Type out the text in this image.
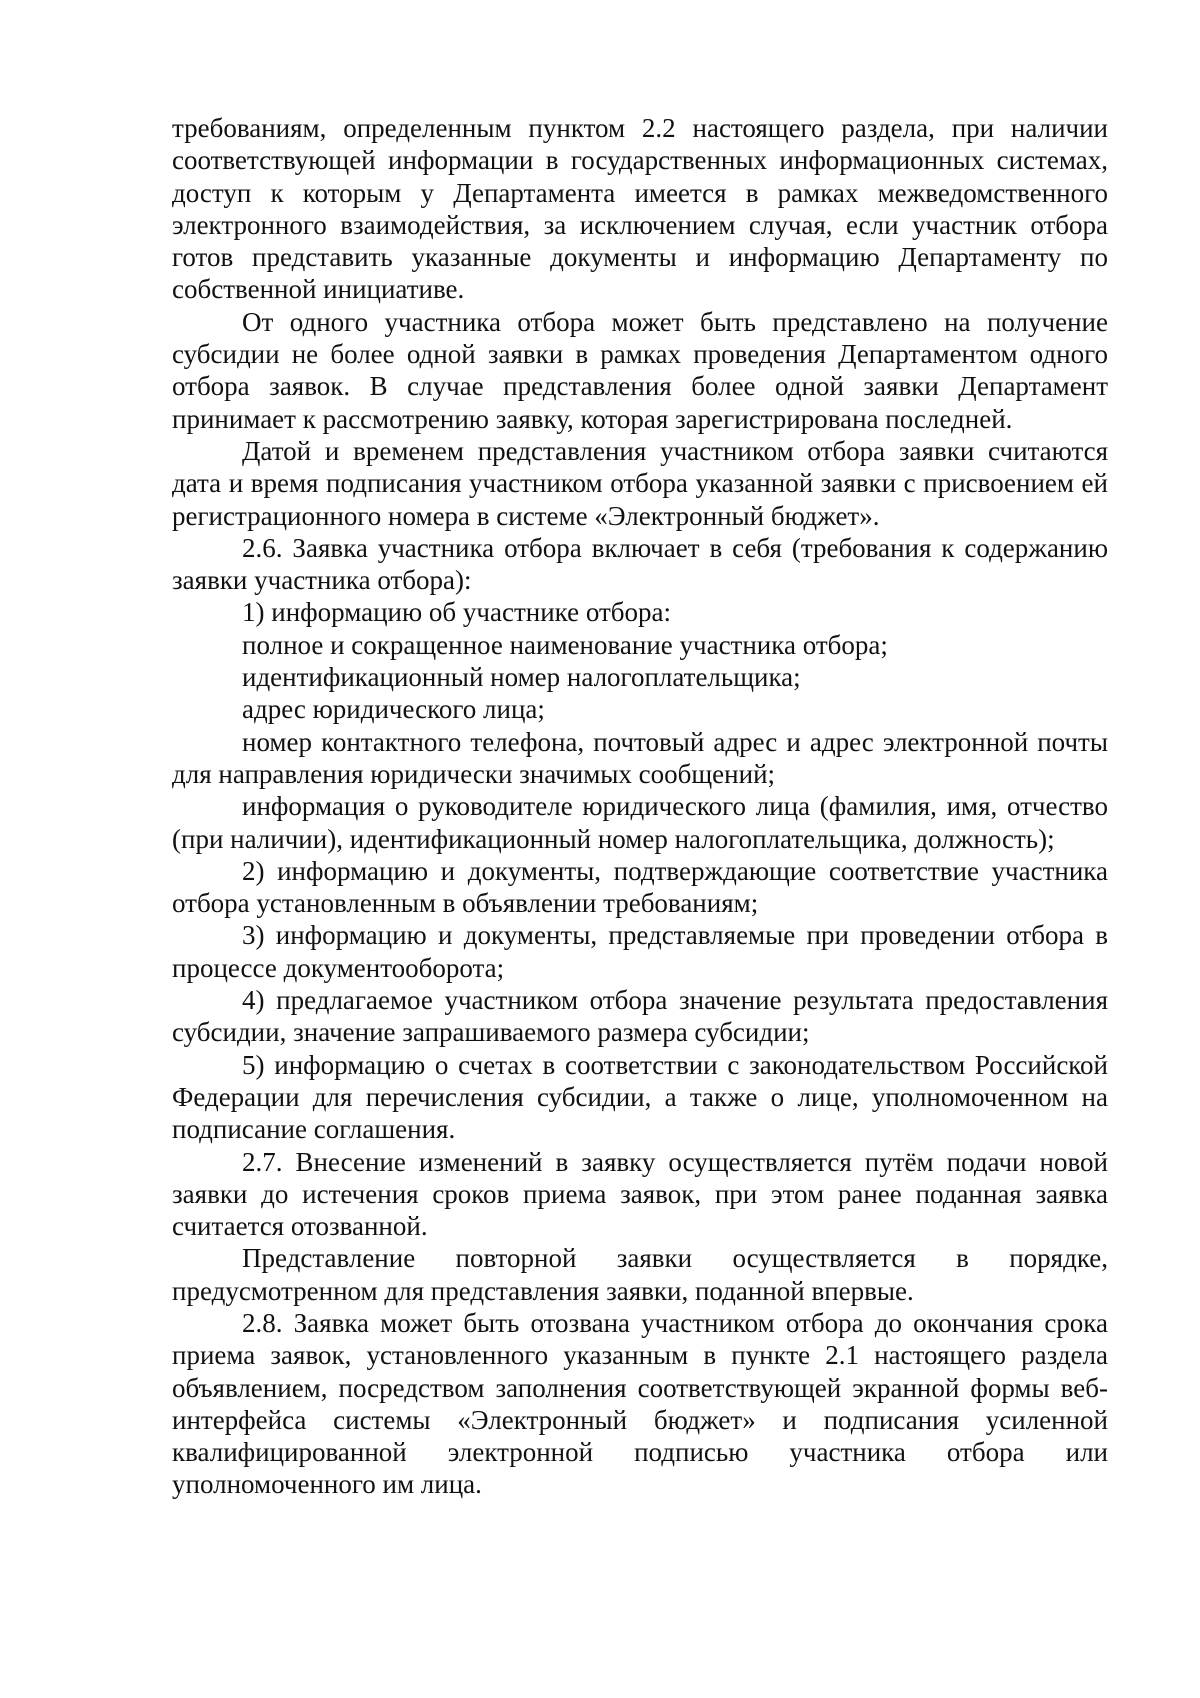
требованиям, определенным пунктом 2.2 настоящего раздела, при наличии соответствующей информации в государственных информационных системах, доступ к которым у Департамента имеется в рамках межведомственного электронного взаимодействия, за исключением случая, если участник отбора готов представить указанные документы и информацию Департаменту по собственной инициативе.

От одного участника отбора может быть представлено на получение субсидии не более одной заявки в рамках проведения Департаментом одного отбора заявок. В случае представления более одной заявки Департамент принимает к рассмотрению заявку, которая зарегистрирована последней.

Датой и временем представления участником отбора заявки считаются дата и время подписания участником отбора указанной заявки с присвоением ей регистрационного номера в системе «Электронный бюджет».

2.6. Заявка участника отбора включает в себя (требования к содержанию заявки участника отбора):

1) информацию об участнике отбора:

полное и сокращенное наименование участника отбора;

идентификационный номер налогоплательщика;

адрес юридического лица;

номер контактного телефона, почтовый адрес и адрес электронной почты для направления юридически значимых сообщений;

информация о руководителе юридического лица (фамилия, имя, отчество (при наличии), идентификационный номер налогоплательщика, должность);

2) информацию и документы, подтверждающие соответствие участника отбора установленным в объявлении требованиям;

3) информацию и документы, представляемые при проведении отбора в процессе документооборота;

4) предлагаемое участником отбора значение результата предоставления субсидии, значение запрашиваемого размера субсидии;

5) информацию о счетах в соответствии с законодательством Российской Федерации для перечисления субсидии, а также о лице, уполномоченном на подписание соглашения.

2.7. Внесение изменений в заявку осуществляется путём подачи новой заявки до истечения сроков приема заявок, при этом ранее поданная заявка считается отозванной.

Представление повторной заявки осуществляется в порядке, предусмотренном для представления заявки, поданной впервые.

2.8. Заявка может быть отозвана участником отбора до окончания срока приема заявок, установленного указанным в пункте 2.1 настоящего раздела объявлением, посредством заполнения соответствующей экранной формы веб-интерфейса системы «Электронный бюджет» и подписания усиленной квалифицированной электронной подписью участника отбора или уполномоченного им лица.
